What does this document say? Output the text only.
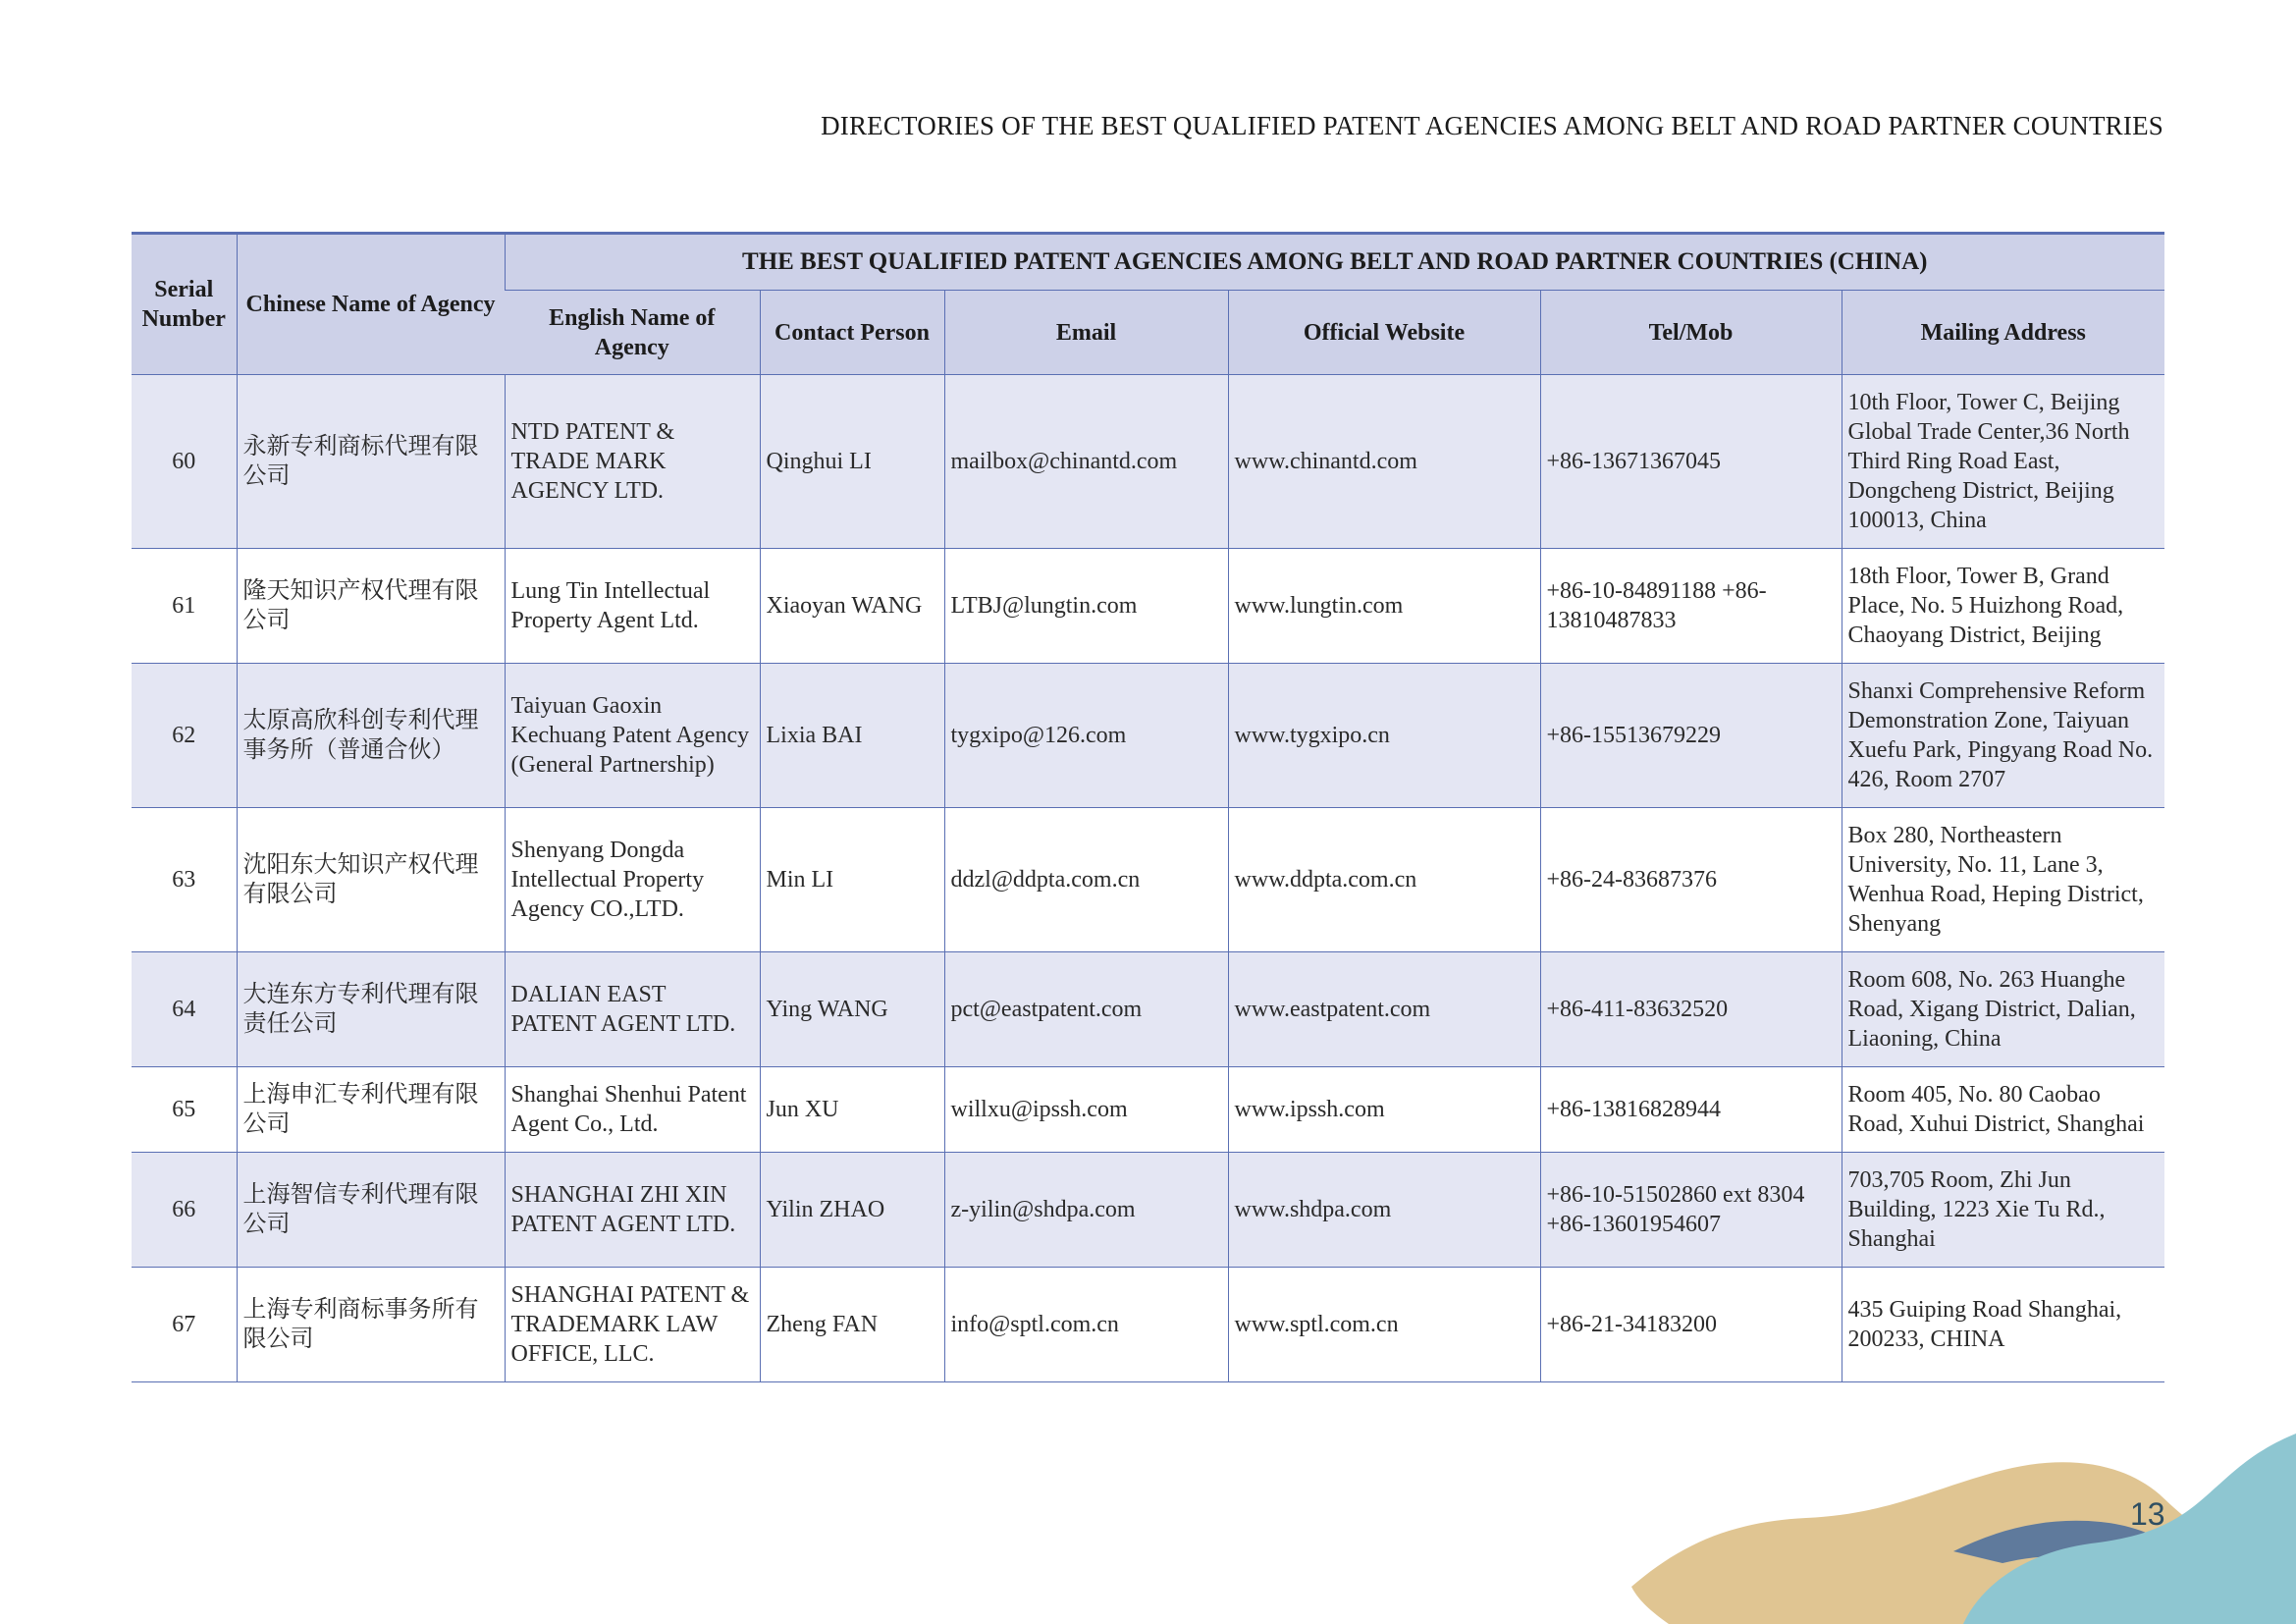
DIRECTORIES OF THE BEST QUALIFIED PATENT AGENCIES AMONG BELT AND ROAD PARTNER COUNTRIES
Serial Number	Chinese Name of Agency	THE BEST QUALIFIED PATENT AGENCIES AMONG BELT AND ROAD PARTNER COUNTRIES (CHINA)					
		English Name of Agency	Contact Person	Email	Official Website	Tel/Mob	Mailing Address
60	永新专利商标代理有限公司	NTD PATENT & TRADE MARK AGENCY LTD.	Qinghui LI	mailbox@chinantd.com	www.chinantd.com	+86-13671367045	10th Floor, Tower C, Beijing Global Trade Center,36 North Third Ring Road East, Dongcheng District, Beijing 100013, China
61	隆天知识产权代理有限公司	Lung Tin Intellectual Property Agent Ltd.	Xiaoyan WANG	LTBJ@lungtin.com	www.lungtin.com	+86-10-84891188 +86-13810487833	18th Floor, Tower B, Grand Place, No. 5 Huizhong Road, Chaoyang District, Beijing
62	太原高欣科创专利代理事务所（普通合伙）	Taiyuan Gaoxin Kechuang Patent Agency (General Partnership)	Lixia BAI	tygxipo@126.com	www.tygxipo.cn	+86-15513679229	Shanxi Comprehensive Reform Demonstration Zone, Taiyuan Xuefu Park, Pingyang Road No. 426, Room 2707
63	沈阳东大知识产权代理有限公司	Shenyang Dongda Intellectual Property Agency CO.,LTD.	Min LI	ddzl@ddpta.com.cn	www.ddpta.com.cn	+86-24-83687376	Box 280, Northeastern University, No. 11, Lane 3, Wenhua Road, Heping District, Shenyang
64	大连东方专利代理有限责任公司	DALIAN EAST PATENT AGENT LTD.	Ying WANG	pct@eastpatent.com	www.eastpatent.com	+86-411-83632520	Room 608, No. 263 Huanghe Road, Xigang District, Dalian, Liaoning, China
65	上海申汇专利代理有限公司	Shanghai Shenhui Patent Agent Co., Ltd.	Jun XU	willxu@ipssh.com	www.ipssh.com	+86-13816828944	Room 405, No. 80 Caobao Road, Xuhui District, Shanghai
66	上海智信专利代理有限公司	SHANGHAI ZHI XIN PATENT AGENT LTD.	Yilin ZHAO	z-yilin@shdpa.com	www.shdpa.com	+86-10-51502860 ext 8304 +86-13601954607	703,705 Room, Zhi Jun Building, 1223 Xie Tu Rd., Shanghai
67	上海专利商标事务所有限公司	SHANGHAI PATENT & TRADEMARK LAW OFFICE, LLC.	Zheng FAN	info@sptl.com.cn	www.sptl.com.cn	+86-21-34183200	435 Guiping Road Shanghai, 200233, CHINA
13
